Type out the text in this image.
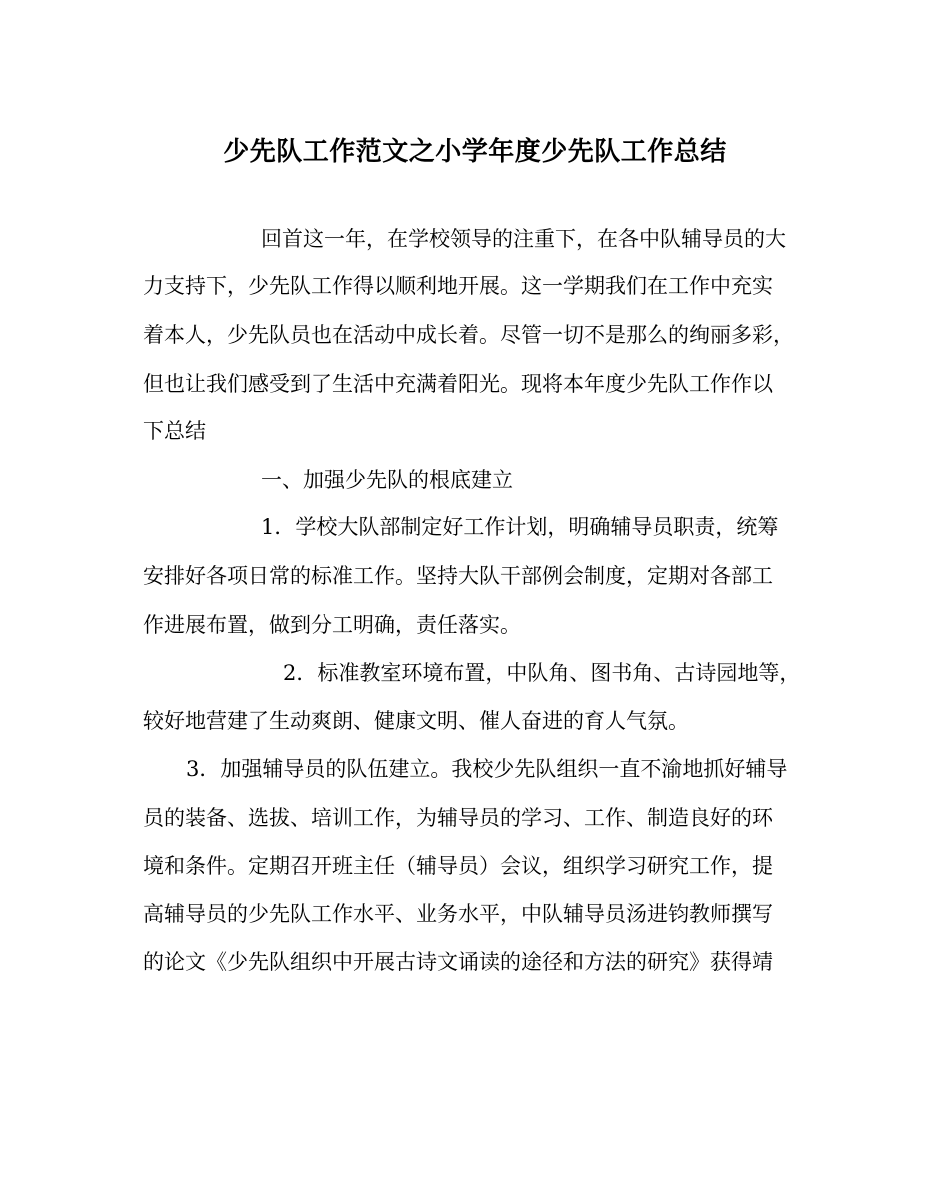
少先队工作范文之小学年度少先队工作总结
回首这一年，在学校领导的注重下，在各中队辅导员的大
力支持下，少先队工作得以顺利地开展。这一学期我们在工作中充实
着本人，少先队员也在活动中成长着。尽管一切不是那么的绚丽多彩，
但也让我们感受到了生活中充满着阳光。现将本年度少先队工作作以
下总结
一、加强少先队的根底建立
1．学校大队部制定好工作计划，明确辅导员职责，统筹
安排好各项日常的标准工作。坚持大队干部例会制度，定期对各部工
作进展布置，做到分工明确，责任落实。
2．标准教室环境布置，中队角、图书角、古诗园地等，
较好地营建了生动爽朗、健康文明、催人奋进的育人气氛。
3．加强辅导员的队伍建立。我校少先队组织一直不渝地抓好辅导
员的装备、选拔、培训工作，为辅导员的学习、工作、制造良好的环
境和条件。定期召开班主任（辅导员）会议，组织学习研究工作，提
高辅导员的少先队工作水平、业务水平，中队辅导员汤进钧教师撰写
的论文《少先队组织中开展古诗文诵读的途径和方法的研究》获得靖
